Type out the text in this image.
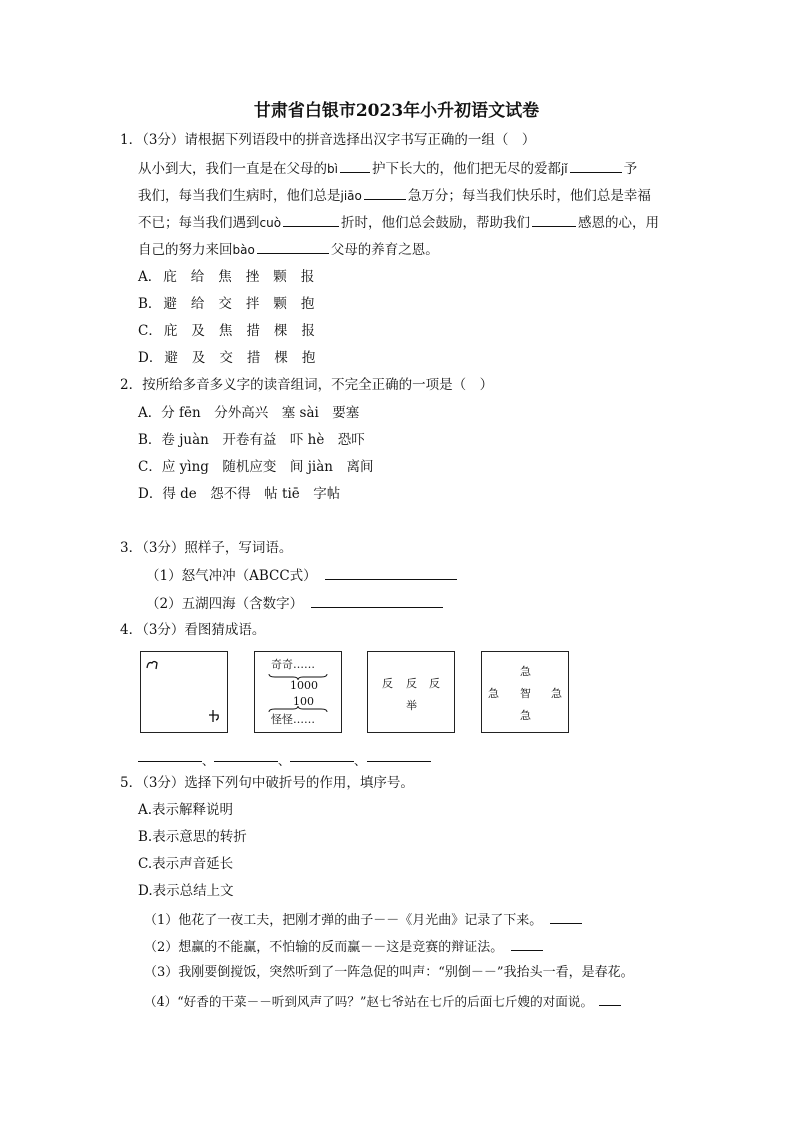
甘肃省白银市2023年小升初语文试卷
1．（3分）请根据下列语段中的拼音选择出汉字书写正确的一组（　）
从小到大，我们一直是在父母的bì	护下长大的，他们把无尽的爱都jǐ	予
我们，每当我们生病时，他们总是jiāo	急万分；每当我们快乐时，他们总是幸福
不已；每当我们遇到cuò	折时，他们总会鼓励，帮助我们	感恩的心，用
自己的努力来回bào	父母的养育之恩。
A． 庇 给 焦 挫 颗 报
B． 避 给 交 拌 颗 抱
C． 庇 及 焦 措 棵 报
D． 避 及 交 措 棵 抱
2．按所给多音多义字的读音组词，不完全正确的一项是（　）
A．分 fēn　分外高兴　塞 sài　要塞
B．卷 juàn　开卷有益　吓 hè　恐吓
C．应 yìng　随机应变　间 jiàn　离间
D．得 de　怨不得　帖 tiē　字帖
3．（3分）照样子，写词语。
（1）怒气冲冲（ABCC式）
（2）五湖四海（含数字）
4．（3分）看图猜成语。
奇奇……
1000
100
怪怪……
反 反 反
举
急
急 智 急
急
、	、	、
5．（3分）选择下列句中破折号的作用，填序号。
A.表示解释说明
B.表示意思的转折
C.表示声音延长
D.表示总结上文
（1）他花了一夜工夫，把刚才弹的曲子－－《月光曲》记录了下来。
（2）想赢的不能赢，不怕输的反而赢－－这是竞赛的辩证法。
（3）我刚要倒搅饭，突然听到了一阵急促的叫声：“别倒－－”我抬头一看，是春花。
（4）“好香的干菜－－听到风声了吗？”赵七爷站在七斤的后面七斤嫂的对面说。
